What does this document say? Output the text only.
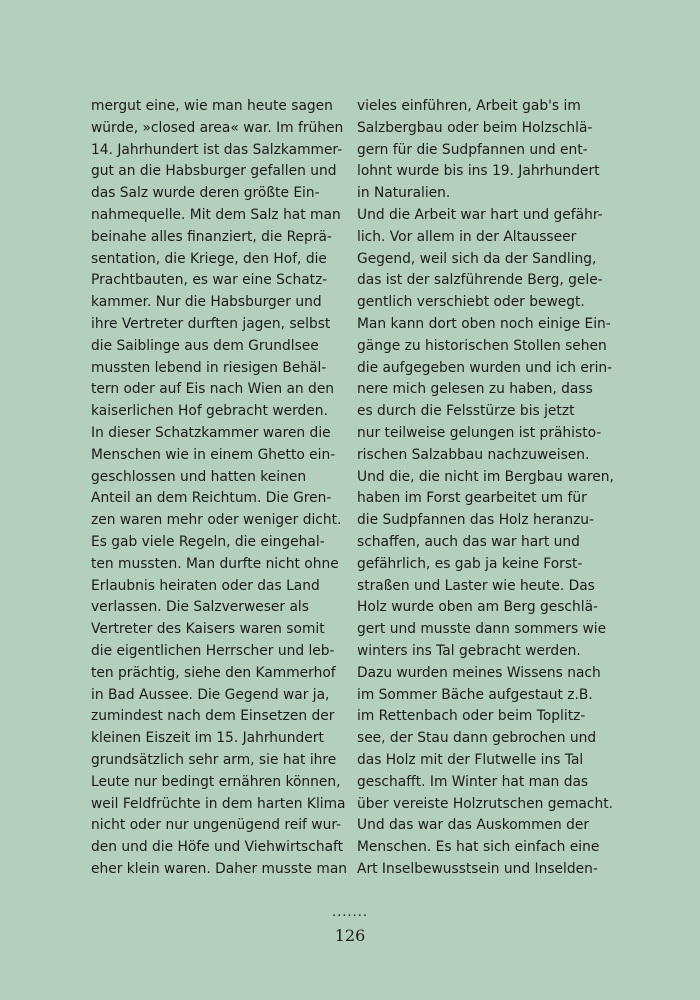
mergut eine, wie man heute sagen
würde, »closed area« war. Im frühen
14. Jahrhundert ist das Salzkammer-
gut an die Habsburger gefallen und
das Salz wurde deren größte Ein-
nahmequelle. Mit dem Salz hat man
beinahe alles finanziert, die Reprä-
sentation, die Kriege, den Hof, die
Prachtbauten, es war eine Schatz-
kammer. Nur die Habsburger und
ihre Vertreter durften jagen, selbst
die Saiblinge aus dem Grundlsee
mussten lebend in riesigen Behäl-
tern oder auf Eis nach Wien an den
kaiserlichen Hof gebracht werden.
In dieser Schatzkammer waren die
Menschen wie in einem Ghetto ein-
geschlossen und hatten keinen
Anteil an dem Reichtum. Die Gren-
zen waren mehr oder weniger dicht.
Es gab viele Regeln, die eingehal-
ten mussten. Man durfte nicht ohne
Erlaubnis heiraten oder das Land
verlassen. Die Salzverweser als
Vertreter des Kaisers waren somit
die eigentlichen Herrscher und leb-
ten prächtig, siehe den Kammerhof
in Bad Aussee. Die Gegend war ja,
zumindest nach dem Einsetzen der
kleinen Eiszeit im 15. Jahrhundert
grundsätzlich sehr arm, sie hat ihre
Leute nur bedingt ernähren können,
weil Feldfrüchte in dem harten Klima
nicht oder nur ungenügend reif wur-
den und die Höfe und Viehwirtschaft
eher klein waren. Daher musste man
vieles einführen, Arbeit gab's im
Salzbergbau oder beim Holzschlä-
gern für die Sudpfannen und ent-
lohnt wurde bis ins 19. Jahrhundert
in Naturalien.
Und die Arbeit war hart und gefähr-
lich. Vor allem in der Altausseer
Gegend, weil sich da der Sandling,
das ist der salzführende Berg, gele-
gentlich verschiebt oder bewegt.
Man kann dort oben noch einige Ein-
gänge zu historischen Stollen sehen
die aufgegeben wurden und ich erin-
nere mich gelesen zu haben, dass
es durch die Felsstürze bis jetzt
nur teilweise gelungen ist prähisto-
rischen Salzabbau nachzuweisen.
Und die, die nicht im Bergbau waren,
haben im Forst gearbeitet um für
die Sudpfannen das Holz heranzu-
schaffen, auch das war hart und
gefährlich, es gab ja keine Forst-
straßen und Laster wie heute. Das
Holz wurde oben am Berg geschlä-
gert und musste dann sommers wie
winters ins Tal gebracht werden.
Dazu wurden meines Wissens nach
im Sommer Bäche aufgestaut z.B.
im Rettenbach oder beim Toplitz-
see, der Stau dann gebrochen und
das Holz mit der Flutwelle ins Tal
geschafft. Im Winter hat man das
über vereiste Holzrutschen gemacht.
Und das war das Auskommen der
Menschen. Es hat sich einfach eine
Art Inselbewusstsein und Inselden-
.......
126
